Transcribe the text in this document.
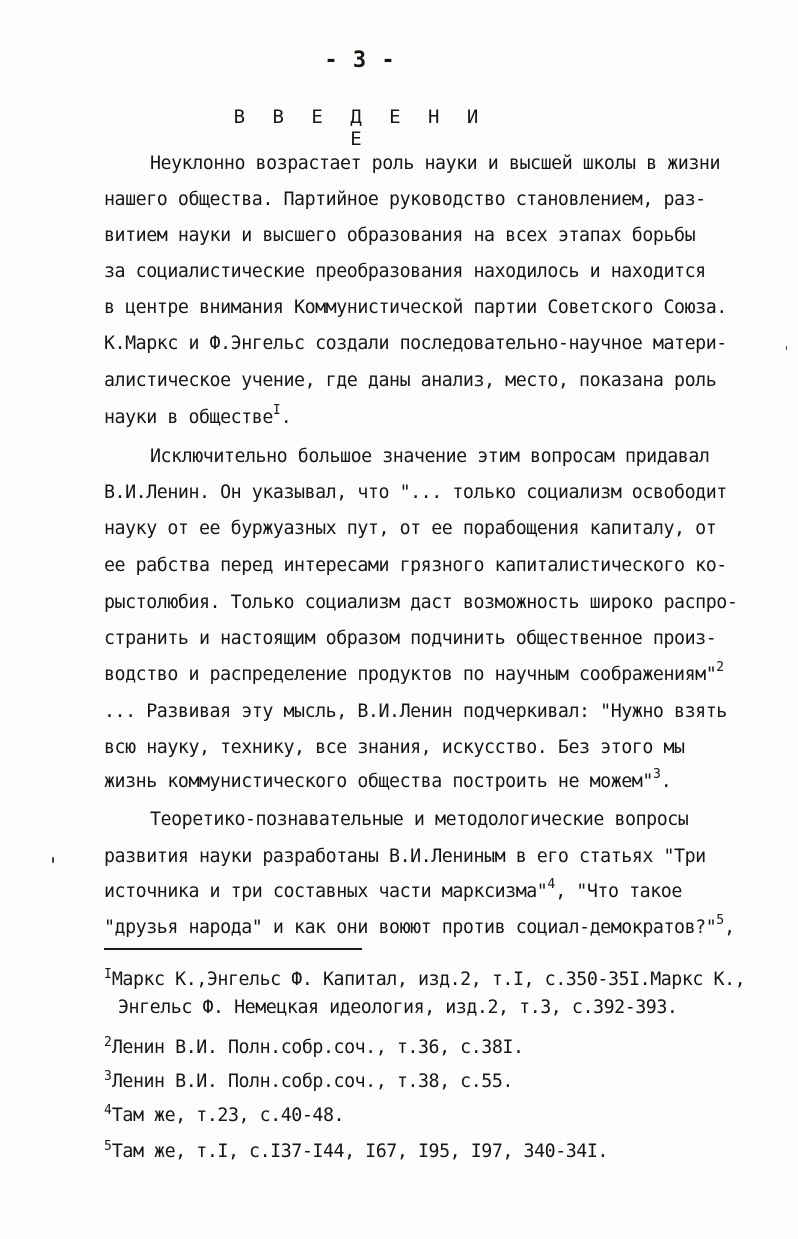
- 3 -
В В Е Д Е Н И Е
Неуклонно возрастает роль науки и высшей школы в жизни
нашего общества. Партийное руководство становлением, раз-
витием науки и высшего образования на всех этапах борьбы
за социалистические преобразования находилось и находится
в центре внимания Коммунистической партии Советского Союза.
К.Маркс и Ф.Энгельс создали последовательно-научное матери-
алистическое учение, где даны анализ, место, показана роль
науки в обществе$^I$.
Исключительно большое значение этим вопросам придавал
В.И.Ленин. Он указывал, что "... только социализм освободит
науку от ее буржуазных пут, от ее порабощения капиталу, от
ее рабства перед интересами грязного капиталистического ко-
рыстолюбия. Только социализм даст возможность широко распро-
странить и настоящим образом подчинить общественное произ-
водство и распределение продуктов по научным соображениям"$^2$
... Развивая эту мысль, В.И.Ленин подчеркивал: "Нужно взять
всю науку, технику, все знания, искусство. Без этого мы
жизнь коммунистического общества построить не можем"$^3$.
Теоретико-познавательные и методологические вопросы
развития науки разработаны В.И.Лениным в его статьях "Три
источника и три составных части марксизма"$^4$, "Что такое
"друзья народа" и как они воюют против социал-демократов?"$^5$,
$^I$Маркс К.,Энгельс Ф. Капитал, изд.2, т.I, с.350-35I.Маркс К.,
Энгельс Ф. Немецкая идеология, изд.2, т.3, с.392-393.
$^2$Ленин В.И. Полн.собр.соч., т.36, с.38I.
$^3$Ленин В.И. Полн.собр.соч., т.38, с.55.
$^4$Там же, т.23, с.40-48.
$^5$Там же, т.I, с.I37-I44, I67, I95, I97, 340-34I.
